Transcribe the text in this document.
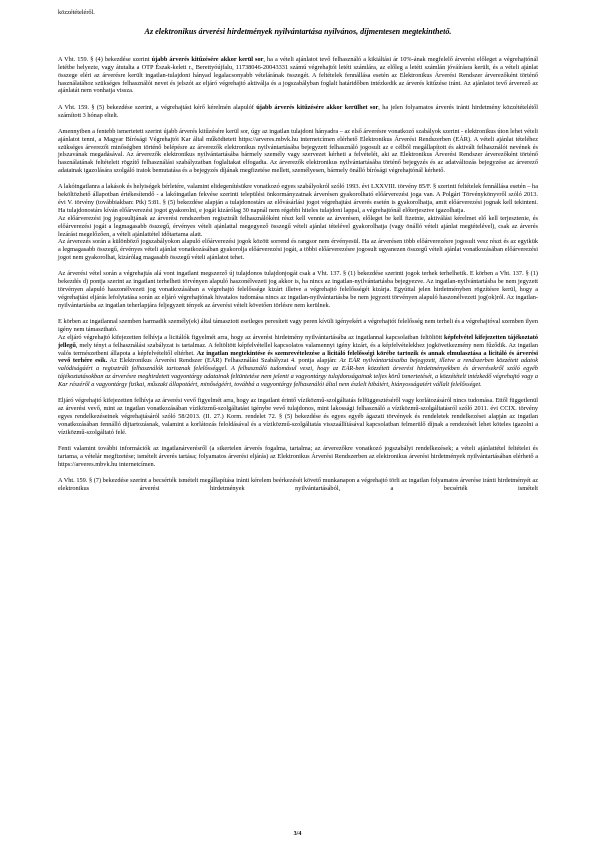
közzétételéről.
Az elektronikus árverési hirdetmények nyilvántartása nyilvános, díjmentesen megtekinthető.

A Vht. 159. § (4) bekezdése szerint újabb árverés kitűzésére akkor kerül sor, ha a vételi ajánlatot tevő felhasználó a kikiáltási ár 10%-ának megfelelő árverési előleget a végrehajtónál letétbe helyezte, vagy átutalta a OTP Észak-keleti r., Berettyóújfalu, 11738046-20043331 számú végrehajtói letéti számlára, az előleg a letéti számlán jóváírásra került, és a vételi ajánlat összege eléri az árverésre került ingatlan-tulajdoni hányad legalacsonyabb vételárának összegét. A feltételek fennállása esetén az Elektronikus Árverési Rendszer árverezőként történő használatához szükséges felhasználói nevet és jelszót az eljáró végrehajtó aktiválja és a jogszabályban foglalt határidőben intézkedik az árverés kitűzése iránt. Az ajánlatot tevő árverező az ajánlatát nem vonhatja vissza.

A Vht. 159. § (5) bekezdése szerint, a végrehajtást kérő kérelmén alapulóf újabb árverés kitűzésére akkor kerülhet sor, ha jelen folyamatos árverés iránti hirdetmény közzétételétől számított 3 hónap eltelt.

Amennyiben a fentebb ismertetett szerint újabb árverés kitűzésére kerül sor, úgy az ingatlan tulajdoni hányadra – az első árverésre vonatkozó szabályok szerint - elektronikus úton lehet vételi ajánlatot tenni, a Magyar Bírósági Végrehajtói Kar által működtetett https://arveres.mbvk.hu internetcímen elérhető Elektronikus Árverési Rendszerben (EÁR). A vételi ajánlat tételéhez szükséges árverezői minőségben történő belépésre az árverezők elektronikus nyilvántartásába bejegyzett felhasználó jogosult az e célból megállapított és aktivált felhasználói nevének és jelszavának megadásával. Az árverezők elektronikus nyilvántartásába bármely személy vagy szervezet kérheti a felvételét, aki az Elektronikus Árverési Rendszer árverezőként történő használatának feltételeit rögzítő felhasználási szabályzatban foglaltakat elfogadta. Az árverezők elektronikus nyilvántartásába történő bejegyzés és az adatváltozás bejegyzése az árverező adatainak igazolására szolgáló iratok bemutatása és a bejegyzés díjának megfizetése mellett, személyesen, bármely önálló bírósági végrehajtónál kérhető.

A lakóingatlanra a lakások és helyiségek bérletére, valamint elidegenítésükre vonatkozó egyes szabályokról szóló 1993. évi LXXVIII. törvény 85/F. § szerinti feltételek fennállása esetén – ha beköltözhető állapotban értékesítendő - a lakóingatlan fekvése szerinti települési önkormányzatnak árverésen gyakorolható előárverezési joga van. A Polgári Törvénykönyvről szóló 2013. évi V. törvény (továbbiakban: Ptk) 5:81. § (5) bekezdése alapján a tulajdonostárs az elővásárlási jogot végrehajtási árverés esetén is gyakorolhatja, amit előárverezési jognak kell tekinteni. Ha tulajdonostárs kíván előárverezési jogot gyakorolni, e jogát kizárólag 30 napnál nem régebbi hiteles tulajdoni lappal, a végrehajtónál előterjesztve igazolhatja.
Az előárverezési jog jogosultjának az árverési rendszerben regisztrált felhasználóként részt kell vennie az árverésen, előleget be kell fizetnie, aktiválási kérelmet elő kell terjesztenie, és előárverezési jogát a legmagasabb összegű, érvényes vételi ajánlattal megegyező összegű vételi ajánlat tételével gyakorolhatja (vagy önálló vételi ajánlat megtételével), csak az árverés lezárást megelőzően, a vételi ajánlattétel időtartama alatt.
Az árverezés során a különböző jogszabályokon alapuló előárverezési jogok között sorrend és rangsor nem érvényesül. Ha az árverésen több előárverezésre jogosult vesz részt és az egyikük a legmagasabb összegű, érvényes vételi ajánlat vonatkozásában gyakorolja előárverezési jogát, a többi előárverezésre jogosult ugyanezen összegű vételi ajánlat vonatkozásában előárverezési jogot nem gyakorolhat, kizárólag magasabb összegű vételi ajánlatot tehet.

Az árverési vétel során a végrehajtás alá vont ingatlant megszerző új tulajdonos tulajdonjogát csak a Vht. 137. § (1) bekezdése szerinti jogok terhek terhelhetik. E körben a Vht. 137. § (1) bekezdés d) pontja szerint az ingatlant terhelheti törvényen alapuló haszonélvezeti jog akkor is, ha nincs az ingatlan-nyilvántartásba bejegyezve. Az ingatlan-nyilvántartásba be nem jegyzett törvényen alapuló haszonélvezeti jog vonatkozásában a végrehajtó felelőssége kizárt illetve a végrehajtó felelősségét kizárja. Egyúttal jelen hirdetményben rögzítésre kerül, hogy a végrehajtási eljárás lefolytatása során az eljáró végrehajtónak hivatalos tudomása nincs az ingatlan-nyilvántartásba be nem jegyzett törvényen alapuló haszonélvezeti jog(ok)ról. Az ingatlan-nyilvántartásba az ingatlan teherlapjára feljegyzett tények az árverési vételt követően törlésre nem kerülnek.

E körben az ingatlannal szemben harmadik személy(ek) által támasztott esetleges peresített vagy peren kívüli igényekért a végrehajtót felelősség nem terheli és a végrehajtóval szemben ilyen igény nem támasztható.
Az eljáró végrehajtó kifejezetten felhívja a licitálók figyelmét arra, hogy az árverési hirdetmény nyilvántartásába az ingatlannal kapcsolatban feltöltött képfelvétel kifejezetten tájékoztató jellegű, mely tényt a felhasználási szabályzat is tartalmaz. A feltöltött képfelvétellel kapcsolatos valamennyi igény kizárt, és a képfelvételekhez jogkövetkezmény nem fűződik. Az ingatlan valós természetbeni állapota a képfelvételtől eltérhet. Az ingatlan megtekintése és szemrevételezése a licitáló felelősségi körébe tartozik és annak elmulasztása a licitáló és árverési vevő terhére esik. Az Elektronikus Árverési Rendszer (EÁR) Felhasználási Szabályzat 4. pontja alapján: Az EÁR nyilvántartásaiba bejegyzett, illetve a rendszerben közzétett adatok valódiságáért a regisztrált felhasználók tartoznak felelősséggel. A felhasználó tudomásul veszi, hogy az EÁR-ben közzétett árverési hirdetményekben és árverésekről szóló egyéb tájékoztatásokban az árverésre meghirdetett vagyontárgy adatainak feltüntetése nem jelenti a vagyontárgy tulajdonságainak teljes körű ismertetését, a közzétételt intézkedő végrehajtó vagy a Kar részéről a vagyontárgy fizikai, műszaki állapotáért, minőségéért, továbbá a vagyontárgy felhasználói által nem észlelt hibáiért, hiányosságaiért vállalt felelősséget.

Eljáró végrehajtó kifejezetten felhívja az árverési vevő figyelmét arra, hogy az ingatlant érintő víziközmű-szolgáltatás felfüggesztéséről vagy korlátozásáról nincs tudomása. Ettől függetlenül az árverési vevő, mint az ingatlan vonatkozásában víziközmű-szolgáltatást igénybe vevő tulajdonos, mint lakossági felhasználó a víziközmű-szolgáltatásról szóló 2011. évi CCIX. törvény egyes rendelkezéseinek végrehajtásáról szóló 58/2013. (II. 27.) Korm. rendelet 72. § (5) bekezdése és egyes egyéb ágazati törvények és rendeletek rendelkezései alapján az ingatlan vonatkozásában fennálló díjtartozásnak, valamint a korlátozás feloldásával és a víziközmű-szolgáltatás visszaállításával kapcsolatban felmerülő díjnak a rendezését lehet köteles igazolni a víziközmű-szolgáltató felé.

Fenti valamint további információk az ingatlanárverésről (a sikertelen árverés fogalma, tartalma; az árverezőkre vonatkozó jogszabályi rendelkezések; a vételi ajánlattétel feltételei és tartama, a vételár megfizetése; ismételt árverés tartása; folyamatos árverési eljárás) az Elektronikus Árverési Rendszerben az elektronikus árverési hirdetmények nyilvántartásában elérhető a https://arveres.mbvk.hu internetcímen.

A Vht. 159. § (7) bekezdése szerint a becsérték ismételt megállapítása iránti kérelem beérkezését követő munkanapon a végrehajtó törli az ingatlan folyamatos árverése iránti hirdetményét az elektronikus árverési hirdetmények nyilvántartásából, a becsérték ismételt

3/4
